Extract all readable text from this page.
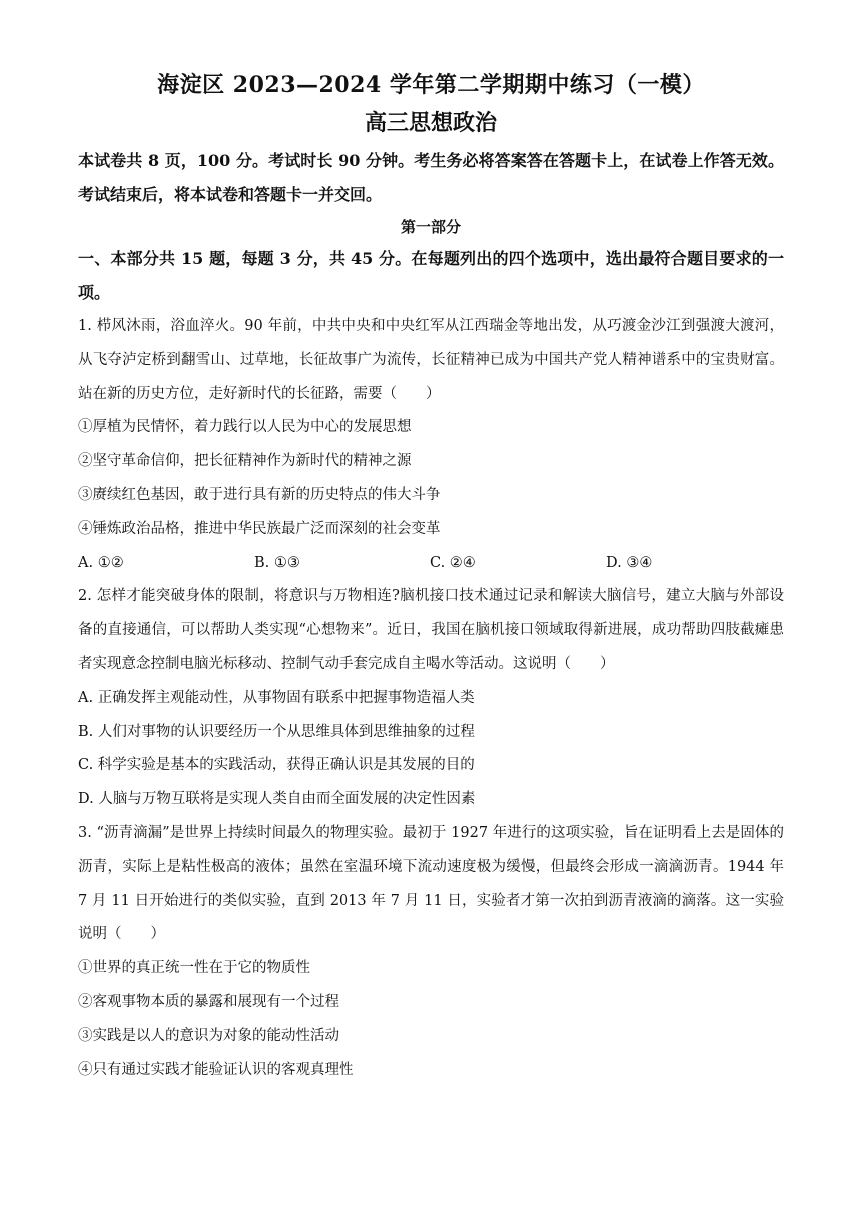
海淀区 2023—2024 学年第二学期期中练习（一模）
高三思想政治

本试卷共 8 页，100 分。考试时长 90 分钟。考生务必将答案答在答题卡上，在试卷上作答无效。考试结束后，将本试卷和答题卡一并交回。

第一部分

一、本部分共 15 题，每题 3 分，共 45 分。在每题列出的四个选项中，选出最符合题目要求的一项。

1. 栉风沐雨，浴血淬火。90 年前，中共中央和中央红军从江西瑞金等地出发，从巧渡金沙江到强渡大渡河，从飞夺泸定桥到翻雪山、过草地，长征故事广为流传，长征精神已成为中国共产党人精神谱系中的宝贵财富。站在新的历史方位，走好新时代的长征路，需要（　　）

①厚植为民情怀，着力践行以人民为中心的发展思想

②坚守革命信仰，把长征精神作为新时代的精神之源

③赓续红色基因，敢于进行具有新的历史特点的伟大斗争

④锤炼政治品格，推进中华民族最广泛而深刻的社会变革

A. ①②	B. ①③	C. ②④	D. ③④

2. 怎样才能突破身体的限制，将意识与万物相连?脑机接口技术通过记录和解读大脑信号，建立大脑与外部设备的直接通信，可以帮助人类实现“心想物来”。近日，我国在脑机接口领域取得新进展，成功帮助四肢截瘫患者实现意念控制电脑光标移动、控制气动手套完成自主喝水等活动。这说明（　　）

A. 正确发挥主观能动性，从事物固有联系中把握事物造福人类

B. 人们对事物的认识要经历一个从思维具体到思维抽象的过程

C. 科学实验是基本的实践活动，获得正确认识是其发展的目的

D. 人脑与万物互联将是实现人类自由而全面发展的决定性因素

3. “沥青滴漏”是世界上持续时间最久的物理实验。最初于 1927 年进行的这项实验，旨在证明看上去是固体的沥青，实际上是粘性极高的液体；虽然在室温环境下流动速度极为缓慢，但最终会形成一滴滴沥青。1944 年 7 月 11 日开始进行的类似实验，直到 2013 年 7 月 11 日，实验者才第一次拍到沥青液滴的滴落。这一实验说明（　　）

①世界的真正统一性在于它的物质性

②客观事物本质的暴露和展现有一个过程

③实践是以人的意识为对象的能动性活动

④只有通过实践才能验证认识的客观真理性
